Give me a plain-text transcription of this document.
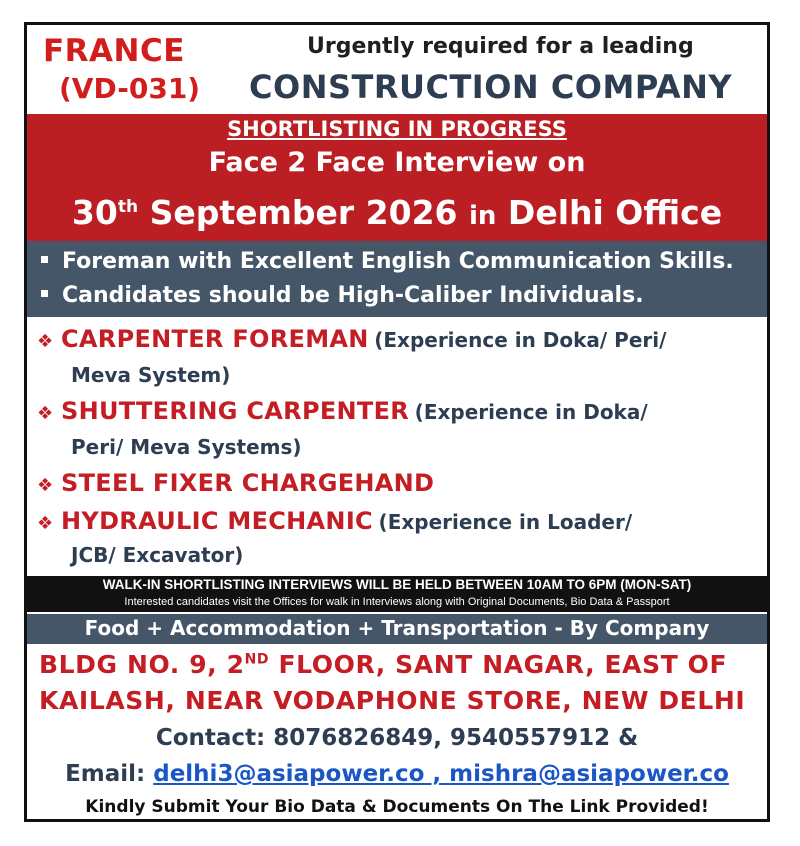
FRANCE
(VD-031)
Urgently required for a leading
CONSTRUCTION COMPANY
SHORTLISTING IN PROGRESS
Face 2 Face Interview on
30th September 2026 in Delhi Office
Foreman with Excellent English Communication Skills.
Candidates should be High-Caliber Individuals.
❖ CARPENTER FOREMAN (Experience in Doka/ Peri/
Meva System)
❖ SHUTTERING CARPENTER (Experience in Doka/
Peri/ Meva Systems)
❖ STEEL FIXER CHARGEHAND
❖ HYDRAULIC MECHANIC (Experience in Loader/
JCB/ Excavator)
WALK-IN SHORTLISTING INTERVIEWS WILL BE HELD BETWEEN 10AM TO 6PM (MON-SAT)
Interested candidates visit the Offices for walk in Interviews along with Original Documents, Bio Data & Passport
Food + Accommodation + Transportation - By Company
BLDG NO. 9, 2ND FLOOR, SANT NAGAR, EAST OF
KAILASH, NEAR VODAPHONE STORE, NEW DELHI
Contact: 8076826849, 9540557912 &
Email: delhi3@asiapower.co , mishra@asiapower.co
Kindly Submit Your Bio Data & Documents On The Link Provided!
